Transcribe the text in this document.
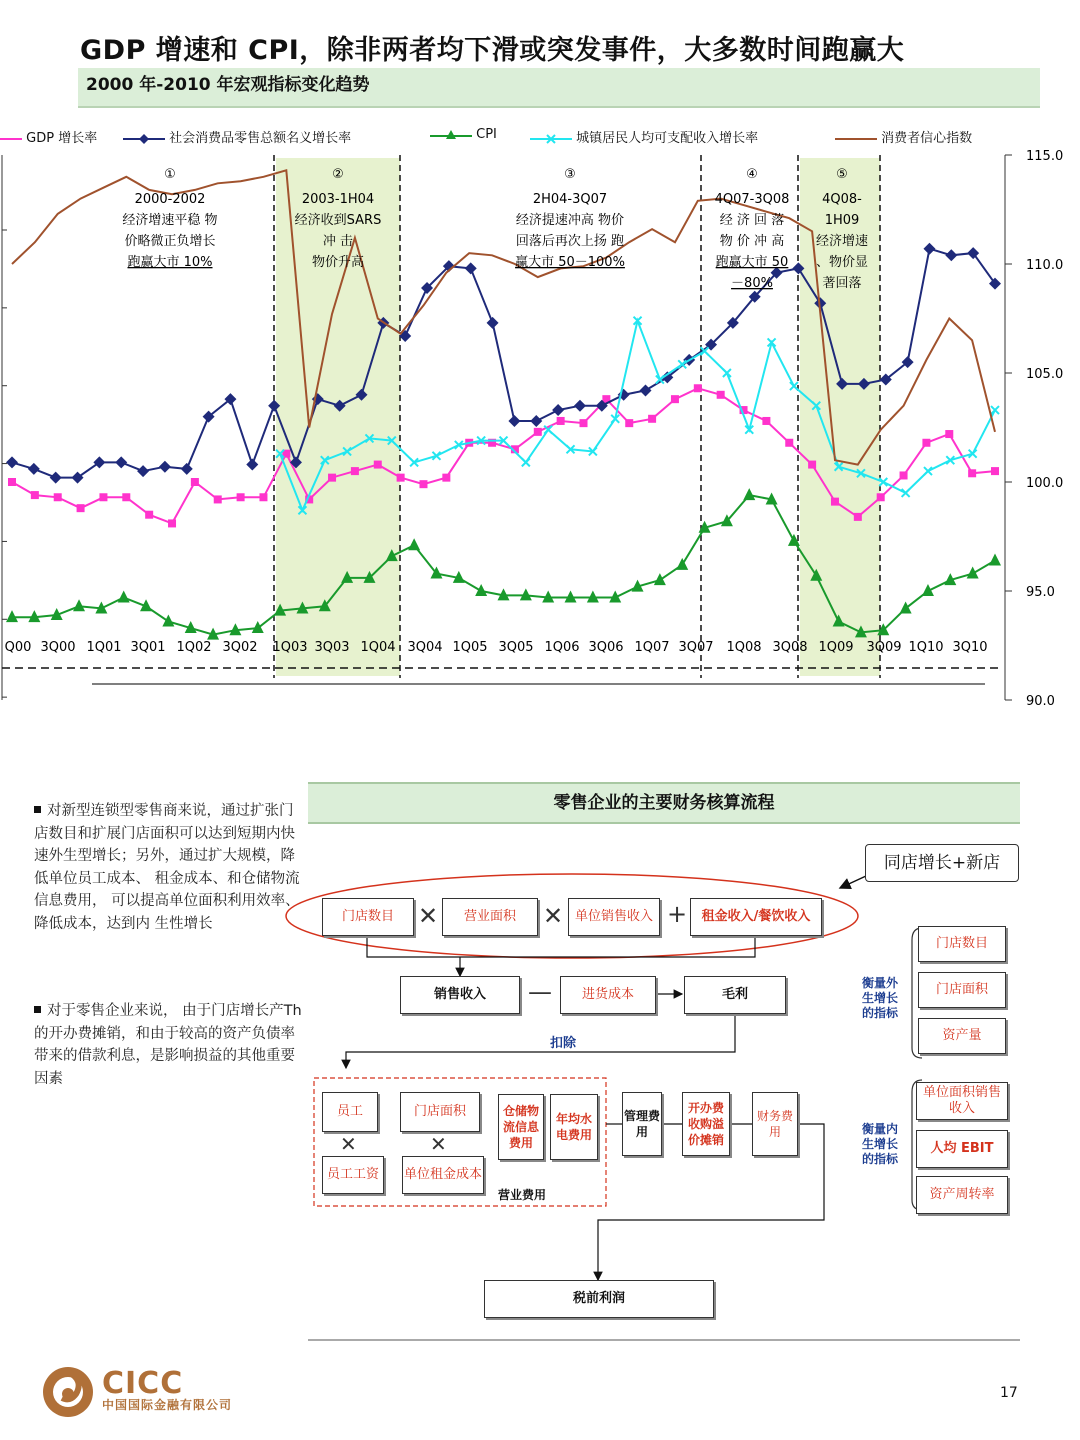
GDP 增速和 CPI，除非两者均下滑或突发事件，大多数时间跑赢大
2000 年-2010 年宏观指标变化趋势
GDP 增长率	社会消费品零售总额名义增长率	CPI	城镇居民人均可支配收入增长率	消费者信心指数
115.0
110.0
105.0
100.0
95.0
90.0
Q00 3Q00 1Q01 3Q01 1Q02 3Q02 1Q03 3Q03 1Q04 3Q04 1Q05 3Q05 1Q06 3Q06 1Q07 3Q07 1Q08 3Q08 1Q09 3Q09 1Q10 3Q10
①
2000-2002
经济增速平稳 物
价略微正负增长
跑赢大市 10%
②
2003-1H04
经济收到SARS
冲 击
物价升高
③
2H04-3Q07
经济提速冲高 物价
回落后再次上扬 跑
赢大市 50－100%
④
4Q07-3Q08
经 济 回 落
物 价 冲 高
跑赢大市 50
－80%
⑤
4Q08-
1H09
经济增速
、物价显
著回落
对新型连锁型零售商来说，通过扩张门店数目和扩展门店面积可以达到短期内快速外生型增长；另外，通过扩大规模，降低单位员工成本、 租金成本、和仓储物流信息费用， 可以提高单位面积利用效率、降低成本，达到内 生性增长
对于零售企业来说， 由于门店增长产Th 的开办费摊销，和由于较高的资产负债率带来的借款利息，是影响损益的其他重要因素
零售企业的主要财务核算流程
同店增长+新店
门店数目	✕	营业面积	✕ 单位销售收入 +	租金收入/餐饮收入
销售收入	—	进货成本	毛利
扣除
员工
✕
员工工资
门店面积
✕
单位租金成本
仓储物流信息费用
年均水电费用
营业费用
管理费用
开办费收购溢价摊销
财务费用
税前利润
衡量外生增长的指标
门店数目
门店面积
资产量
衡量内生增长的指标
单位面积销售收入
人均 EBIT
资产周转率
CICC
中国国际金融有限公司
17
